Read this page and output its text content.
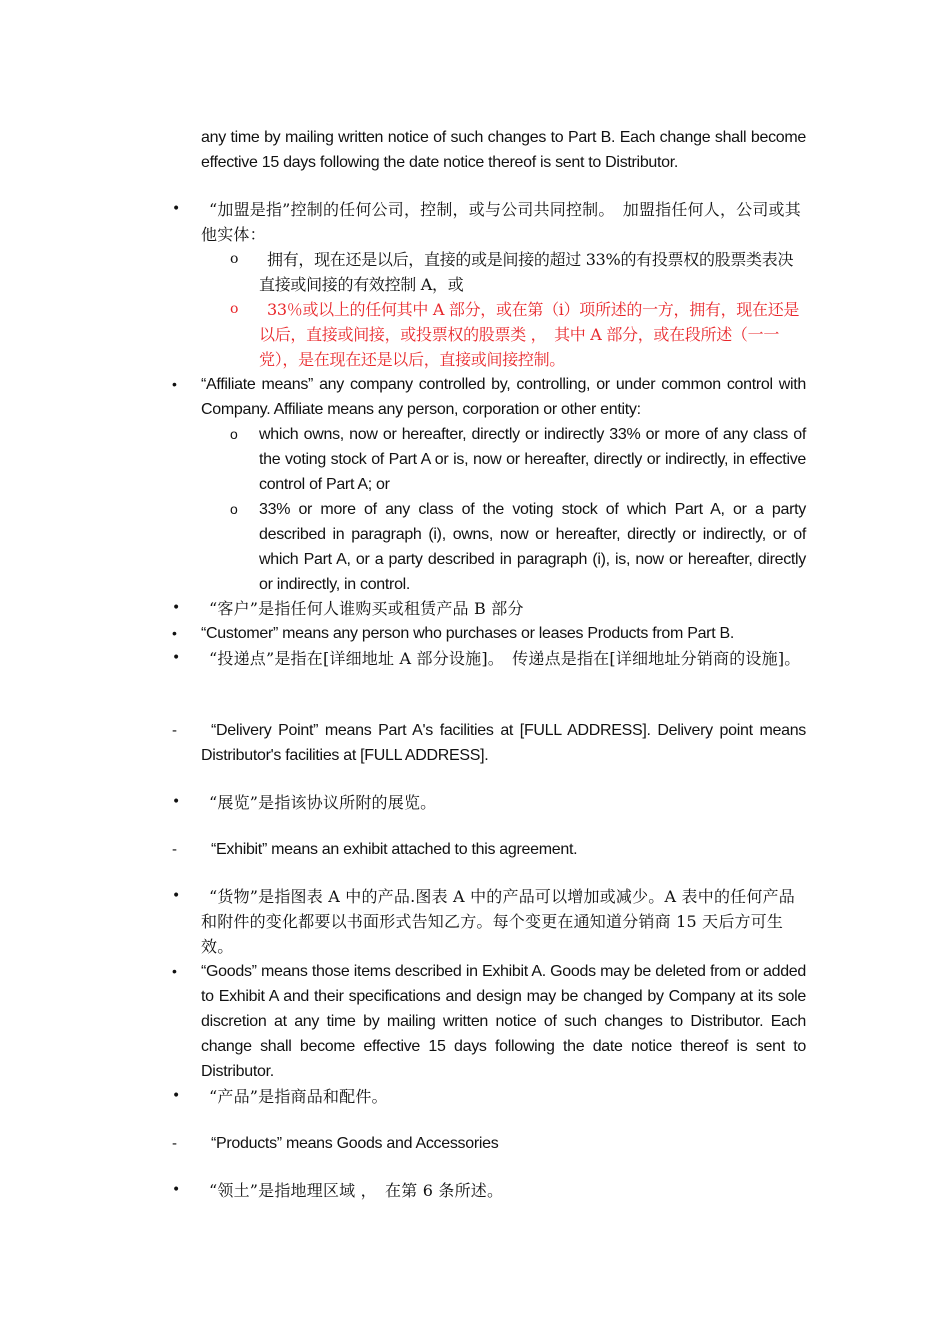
any time by mailing written notice of such changes to Part B. Each change shall become effective 15 days following the date notice thereof is sent to Distributor.
•	“加盟是指”控制的任何公司，控制，或与公司共同控制。　加盟指任何人，公司或其他实体：
o	拥有，现在还是以后，直接的或是间接的超过 33%的有投票权的股票类表决直接或间接的有效控制 A，或
o	33％或以上的任何其中 A 部分，或在第（i）项所述的一方，拥有，现在还是以后，直接或间接，或投票权的股票类 ，　其中 A 部分，或在段所述（一一党），是在现在还是以后，直接或间接控制。
•	“Affiliate means” any company controlled by, controlling, or under common control with Company. Affiliate means any person, corporation or other entity:
o	which owns, now or hereafter, directly or indirectly 33% or more of any class of the voting stock of Part A or is, now or hereafter, directly or indirectly, in effective control of Part A; or
o	33% or more of any class of the voting stock of which Part A, or a party described in paragraph (i), owns, now or hereafter, directly or indirectly, or of which Part A, or a party described in paragraph (i), is, now or hereafter, directly or indirectly, in control.
•	“客户”是指任何人谁购买或租赁产品 B 部分
•	“Customer” means any person who purchases or leases Products from Part B.
•	“投递点”是指在[详细地址 A 部分设施]。　传递点是指在[详细地址分销商的设施]。
-	“Delivery Point” means Part A's facilities at [FULL ADDRESS]. Delivery point means Distributor's facilities at [FULL ADDRESS].
•	“展览”是指该协议所附的展览。
-	“Exhibit” means an exhibit attached to this agreement.
•	“货物”是指图表 A 中的产品.图表 A 中的产品可以增加或减少。A 表中的任何产品和附件的变化都要以书面形式告知乙方。每个变更在通知道分销商 15 天后方可生效。
•	“Goods” means those items described in Exhibit A. Goods may be deleted from or added to Exhibit A and their specifications and design may be changed by Company at its sole discretion at any time by mailing written notice of such changes to Distributor. Each change shall become effective 15 days following the date notice thereof is sent to Distributor.
•	“产品”是指商品和配件。
-	“Products” means Goods and Accessories
•	“领土”是指地理区域 ，　在第 6 条所述。
